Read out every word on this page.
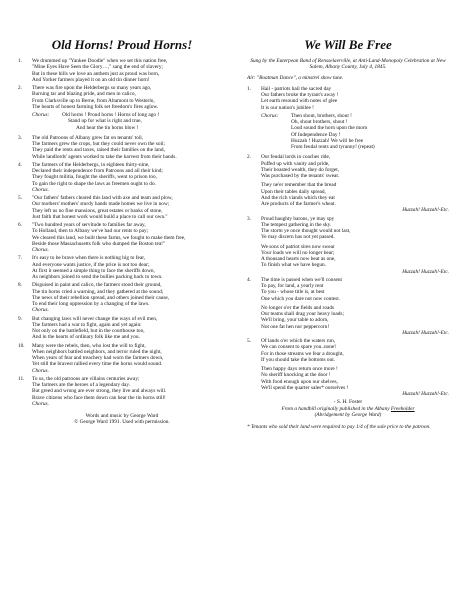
Old Horns! Proud Horns!	We Will Be Free
1.	We drummed up "Yankee Doodle" when we set this nation free,
"Mine Eyes Have Seen the Glory…," sang the end of slavery;
But in these hills we love an anthem just as proud was born,
And Yorker farmers played it on an old tin dinner horn!
2.	There was fire upon the Helderbergs so many years ago,
Burning tar and blazing pride, and men in calico,
From Clarksville up to Berne, from Altamont to Westerlo,
The hearts of honest farming folk set freedom's fires aglow.
Chorus:	Old horns ! Proud horns ! Horns of long ago !
Stand up for what is right and true,
And hear the tin horns blow !
3.	The old Patroons of Albany grew fat on tenants' toil,
The farmers grew the crops, but they could never own the soil;
They paid the rents and taxes, raised their families on the land,
While landlords' agents worked to take the harvest from their hands.
4.	The farmers of the Helderbergs, in eighteen thirty-nine,
Declared their independence from Patroons and all their kind;
They fought militia, fought the sheriffs, went to prison too,
To gain the right to shape the laws as freemen ought to do.
Chorus.
5.	"Our fathers' fathers cleared this land with axe and team and plow,
Our mothers' mothers' sturdy hands made homes we live in now;
They left us no fine mansions, great estates or banks of stone,
Just faith that honest work would build a place to call our own."
6.	"Two hundred years of servitude to families far away,
To Holland, then to Albany we've had our rents to pay;
We cleared this land, we built these farms, we fought to make them free,
Beside those Massachusetts folk who dumped the Boston tea!"
Chorus.
7.	It's easy to be brave when there is nothing big to fear,
And everyone wants justice, if the price is not too dear;
At first it seemed a simple thing to face the sheriffs down,
As neighbors joined to send the bullies packing back to town.
8.	Disguised in paint and calico, the farmers stood their ground,
The tin horns cried a warning, and they gathered at the sound;
The news of their rebellion spread, and others joined their cause,
To end their long oppression by a changing of the laws.
Chorus.
9.	But changing laws will never change the ways of evil men,
The farmers had a war to fight, again and yet again:
Not only on the battlefield, but in the courthouse too,
And in the hearts of ordinary folk like me and you.
10.	Many were the rebels, then, who lost the will to fight,
When neighbors battled neighbors, and terror ruled the night,
When years of fear and treachery had worn the farmers down,
Yet still the bravest rallied every time the horns would sound.
Chorus.
11.	To us, the old patroons are villains centuries away;
The farmers are the heroes of a legendary day.
But greed and wrong are ever strong, they live and always will.
Brave citizens who face them down can hear the tin horns still!
Chorus.
Words and music by George Ward
© George Ward 1991. Used with permission.
Sung by the Euterpean Band of Rensselaerville, at Anti-Land-Monopoly Celebration at New Salem, Albany County, July 4, 1845.
Air: "Boatman Dance", a minstrel show tune.
1.	Hail - patriots hail the sacred day
Our fathers broke the tyrant's away !
Let earth resound with notes of glee
It is our nation's jubilee !
Chorus:	Then shout, brothers, shout !
Oh, shout brothers, shout !
Loud sound the horn upon the morn
Of Independence Day !
Huzzah ! Huzzah! We will be free
From feudal rents and tyranny! (repeat)
2.	Our feudal lords in coaches ride,
Puffed up with vanity and pride,
Their boasted wealth, they do forget,
Was purchased by the tenants' sweat.
They ne'er remember that the bread
Upon their tables daily spread,
And the rich viands which they eat
Are products of the farmer's wheat.
Huzzah! Huzzah!-Etc.
3.	Proud haughty barons, ye may spy
The tempest gathering in the sky.
The storm ye once thought would not last,
Ye may discern has not yet passed.
We sons of patriot sires now swear
Your loads we will no longer bear;
A thousand hearts now beat as one,
To finish what we have begun.
Huzzah! Huzzah!-Etc.
4.	The time is passed when we'll consent
To pay, for land, a yearly rent
To you - whose title is, at best
One which you dare not now contest.
No longer o'er the fields and roads
Our teams shall drag your heavy loads;
We'll bring, your table to adorn,
Not one fat hen nor peppercorn!
Huzzah! Huzzah!-Etc.
5.	Of lands o'er which the waters run,
We can consent to spare you..none!
For in those streams we fear a drought,
If you should take the bottoms out.
Then happy days return once more !
No sheriff knocking at the door !
With food enough upon our shelves,
We'll spend the quarter sales* ourselves !
Huzzah! Huzzah!-Etc.
- S. H. Foster
From a handbill originally published in the Albany Freeholder
(Abridgement by George Ward)
* Tenants who sold their land were required to pay 1/4 of the sale price to the patroon.
